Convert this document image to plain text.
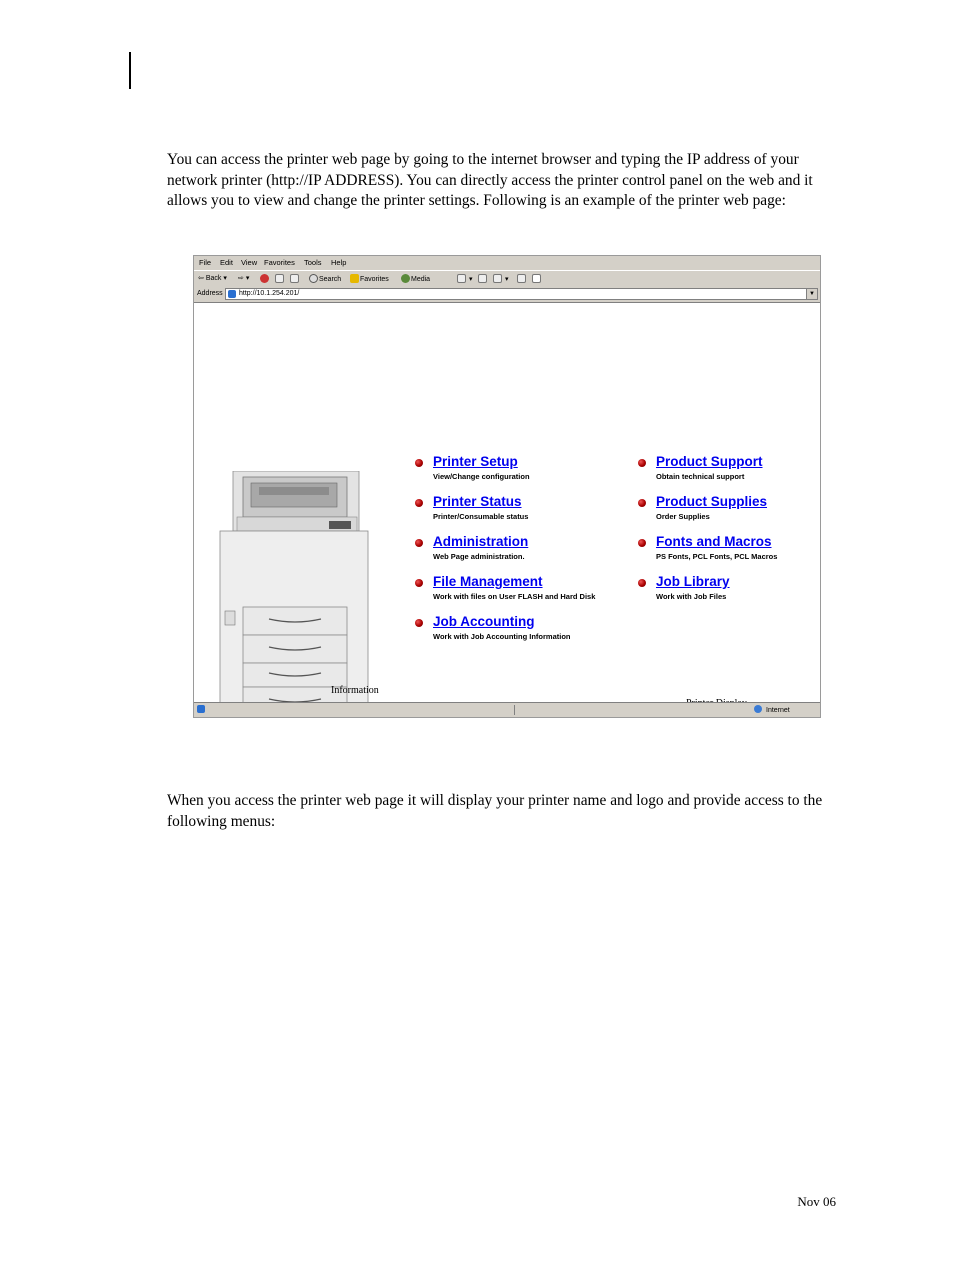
You can access the printer web page by going to the internet browser and typing the IP address of your network printer (http://IP ADDRESS). You can directly access the printer control panel on the web and it allows you to view and change the printer settings. Following is an example of the printer web page:

File Edit View Favorites Tools Help
⇦ Back ▾ ⇨ ▾	Search	Favorites	Media	▾	▾
Address http://10.1.254.201/	▼
Printer Setup
View/Change configuration
Printer Status
Printer/Consumable status
Administration
Web Page administration.
File Management
Work with files on User FLASH and Hard Disk
Job Accounting
Work with Job Accounting Information
Product Support
Obtain technical support
Product Supplies
Order Supplies
Fonts and Macros
PS Fonts, PCL Fonts, PCL Macros
Job Library
Work with Job Files
Information
Internet

When you access the printer web page it will display your printer name and logo and provide access to the following menus:

Nov 06
